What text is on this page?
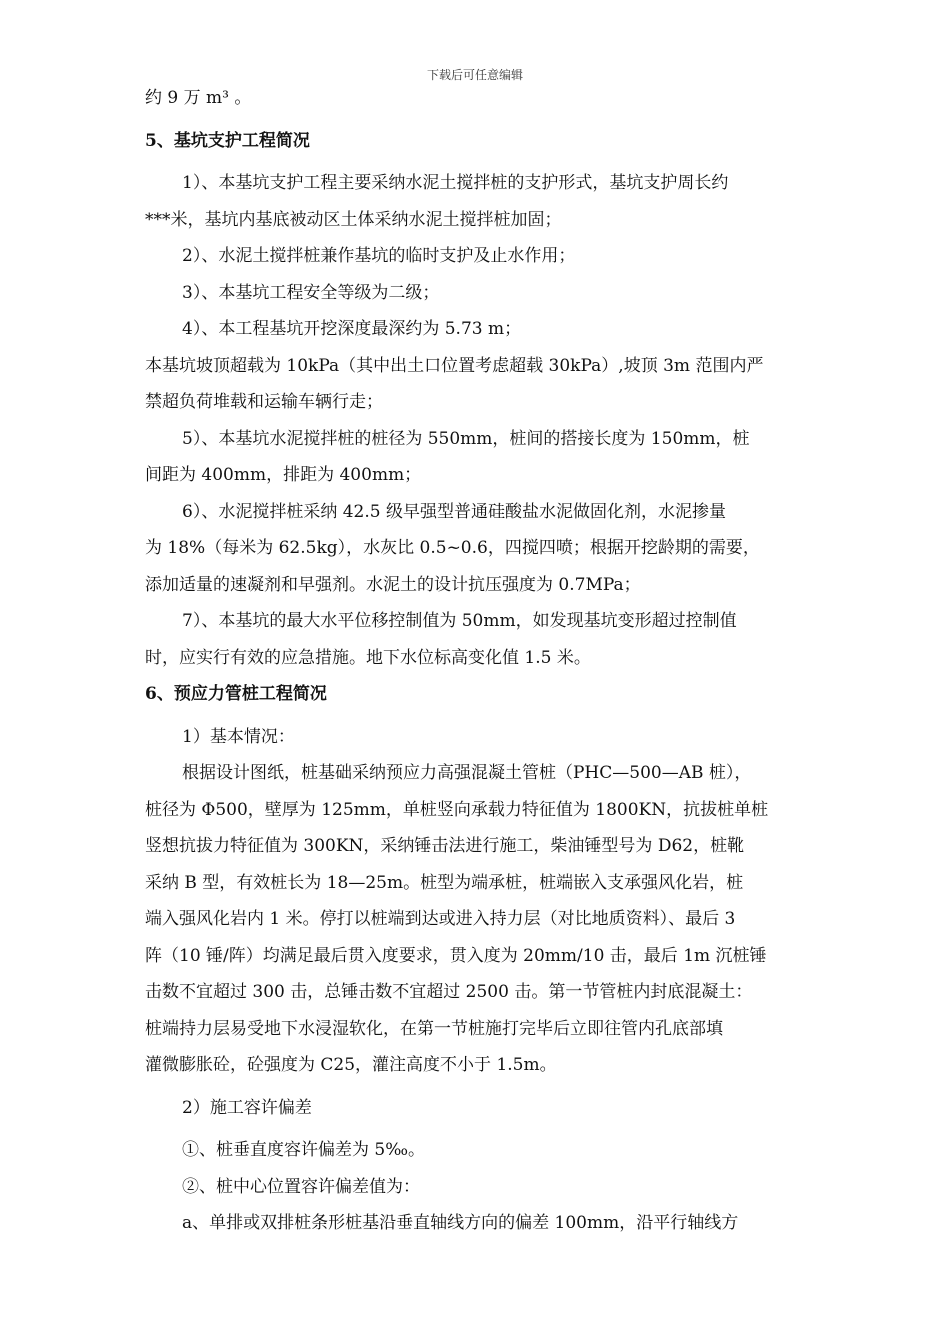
下载后可任意编辑

约 9 万 m³ 。

5、基坑支护工程简况

1）、本基坑支护工程主要采纳水泥土搅拌桩的支护形式，基坑支护周长约

***米，基坑内基底被动区土体采纳水泥土搅拌桩加固；

2）、水泥土搅拌桩兼作基坑的临时支护及止水作用；

3）、本基坑工程安全等级为二级；

4）、本工程基坑开挖深度最深约为 5.73 m；

本基坑坡顶超载为 10kPa（其中出土口位置考虑超载 30kPa）,坡顶 3m 范围内严

禁超负荷堆载和运输车辆行走；

5）、本基坑水泥搅拌桩的桩径为 550mm，桩间的搭接长度为 150mm，桩

间距为 400mm，排距为 400mm；

6）、水泥搅拌桩采纳 42.5 级早强型普通硅酸盐水泥做固化剂，水泥掺量

为 18%（每米为 62.5kg），水灰比 0.5~0.6，四搅四喷；根据开挖龄期的需要，

添加适量的速凝剂和早强剂。水泥土的设计抗压强度为 0.7MPa；

7）、本基坑的最大水平位移控制值为 50mm，如发现基坑变形超过控制值

时，应实行有效的应急措施。地下水位标高变化值 1.5 米。

6、预应力管桩工程简况

1）基本情况：

根据设计图纸，桩基础采纳预应力高强混凝土管桩（PHC—500—AB 桩），

桩径为 Φ500，壁厚为 125mm，单桩竖向承载力特征值为 1800KN，抗拔桩单桩

竖想抗拔力特征值为 300KN，采纳锤击法进行施工，柴油锤型号为 D62，桩靴

采纳 B 型，有效桩长为 18—25m。桩型为端承桩，桩端嵌入支承强风化岩，桩

端入强风化岩内 1 米。停打以桩端到达或进入持力层（对比地质资料）、最后 3

阵（10 锤/阵）均满足最后贯入度要求，贯入度为 20mm/10 击，最后 1m 沉桩锤

击数不宜超过 300 击，总锤击数不宜超过 2500 击。第一节管桩内封底混凝土：

桩端持力层易受地下水浸湿软化，在第一节桩施打完毕后立即往管内孔底部填

灌微膨胀砼，砼强度为 C25，灌注高度不小于 1.5m。

2）施工容许偏差

①、桩垂直度容许偏差为 5‰。

②、桩中心位置容许偏差值为：

a、单排或双排桩条形桩基沿垂直轴线方向的偏差 100mm，沿平行轴线方
